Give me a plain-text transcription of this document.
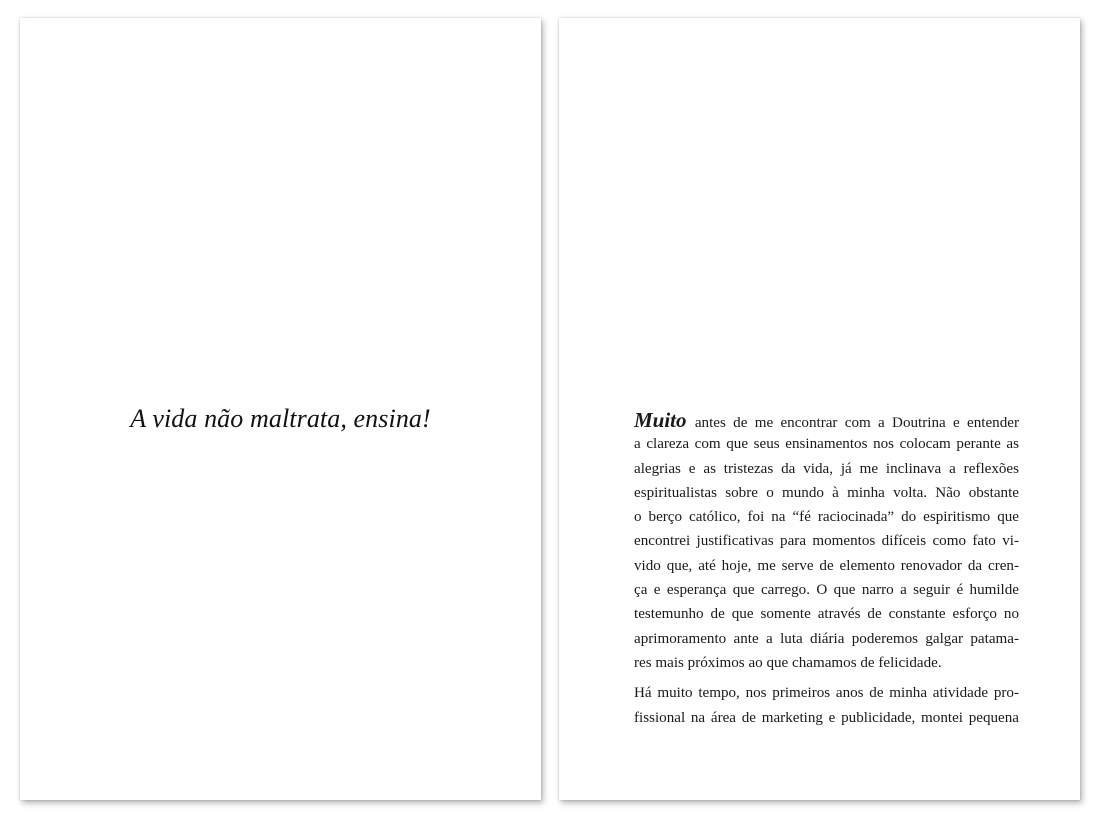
A vida não maltrata, ensina!	Muito antes de me encontrar com a Doutrina e entender
a clareza com que seus ensinamentos nos colocam perante as
alegrias e as tristezas da vida, já me inclinava a reflexões
espiritualistas sobre o mundo à minha volta. Não obstante
o berço católico, foi na “fé raciocinada” do espiritismo que
encontrei justificativas para momentos difíceis como fato vi-
vido que, até hoje, me serve de elemento renovador da cren-
ça e esperança que carrego. O que narro a seguir é humilde
testemunho de que somente através de constante esforço no
aprimoramento ante a luta diária poderemos galgar patama-
res mais próximos ao que chamamos de felicidade.
Há muito tempo, nos primeiros anos de minha atividade pro-
fissional na área de marketing e publicidade, montei pequena
